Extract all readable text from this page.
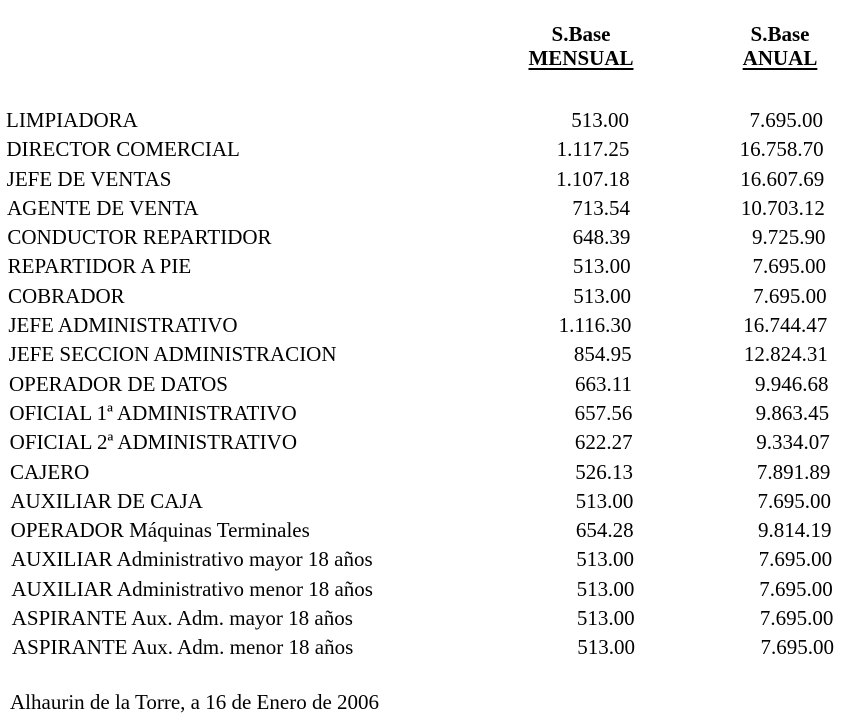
S.Base
MENSUAL
S.Base
ANUAL
LIMPIADORA	513.00	7.695.00
DIRECTOR COMERCIAL	1.117.25	16.758.70
JEFE DE VENTAS	1.107.18	16.607.69
AGENTE DE VENTA	713.54	10.703.12
CONDUCTOR REPARTIDOR	648.39	9.725.90
REPARTIDOR A PIE	513.00	7.695.00
COBRADOR	513.00	7.695.00
JEFE ADMINISTRATIVO	1.116.30	16.744.47
JEFE SECCION ADMINISTRACION	854.95	12.824.31
OPERADOR DE DATOS	663.11	9.946.68
OFICIAL 1ª ADMINISTRATIVO	657.56	9.863.45
OFICIAL 2ª ADMINISTRATIVO	622.27	9.334.07
CAJERO	526.13	7.891.89
AUXILIAR DE CAJA	513.00	7.695.00
OPERADOR Máquinas Terminales	654.28	9.814.19
AUXILIAR Administrativo mayor 18 años	513.00	7.695.00
AUXILIAR Administrativo menor 18 años	513.00	7.695.00
ASPIRANTE Aux. Adm. mayor 18 años	513.00	7.695.00
ASPIRANTE Aux. Adm. menor 18 años	513.00	7.695.00
Alhaurin de la Torre, a 16 de Enero de 2006
